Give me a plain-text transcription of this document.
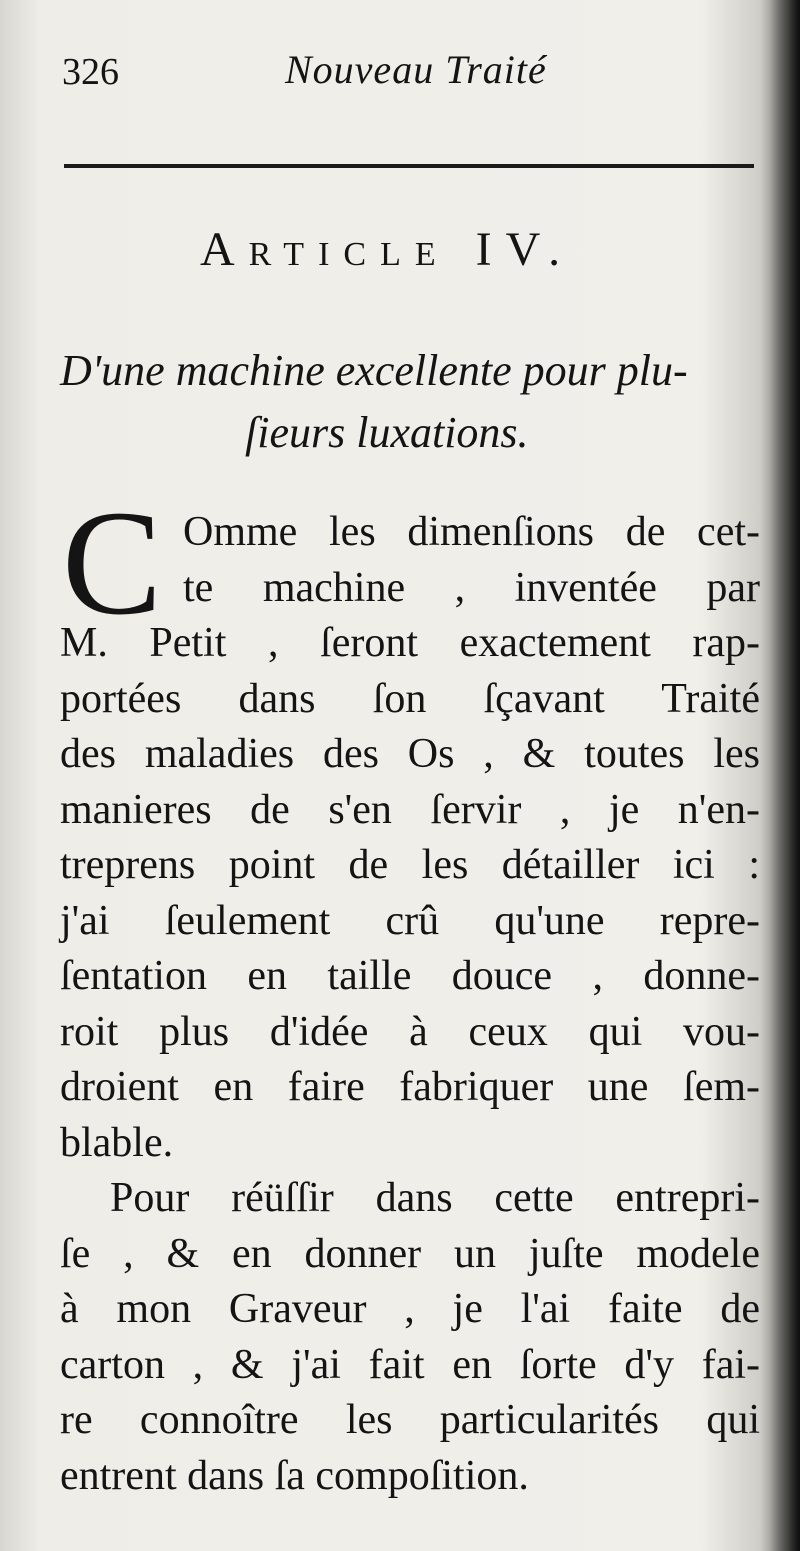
326	Nouveau Traité
Article IV.
D'une machine excellente pour plu-
ſieurs luxations.
C Omme les dimenſions de cet-
te machine , inventée par
M. Petit , ſeront exactement rap-
portées dans ſon ſçavant Traité
des maladies des Os , & toutes les
manieres de s'en ſervir , je n'en-
treprens point de les détailler ici :
j'ai ſeulement crû qu'une repre-
ſentation en taille douce , donne-
roit plus d'idée à ceux qui vou-
droient en faire fabriquer une ſem-
blable.
Pour réüſſir dans cette entrepri-
ſe , & en donner un juſte modele
à mon Graveur , je l'ai faite de
carton , & j'ai fait en ſorte d'y fai-
re connoître les particularités qui
entrent dans ſa compoſition.
